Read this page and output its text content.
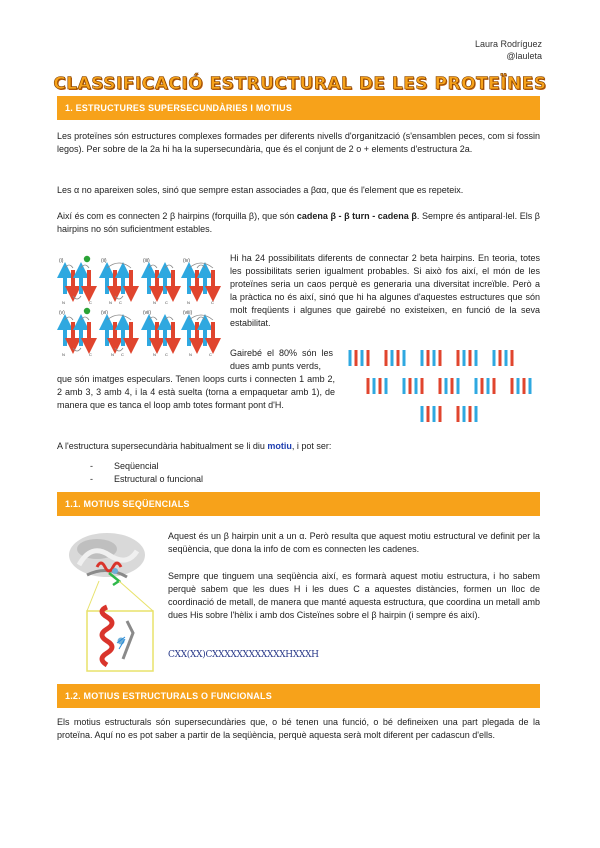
Laura Rodríguez
@lauleta
CLASSIFICACIÓ ESTRUCTURAL DE LES PROTEÏNES
1. ESTRUCTURES SUPERSECUNDÀRIES I MOTIUS
Les proteïnes són estructures complexes formades per diferents nivells d'organització (s'ensamblen peces, com si fossin legos). Per sobre de la 2a hi ha la supersecundària, que és el conjunt de 2 o + elements d'estructura 2a.
Les α no apareixen soles, sinó que sempre estan associades a βαα, que és l'element que es repeteix.
Així és com es connecten 2 β hairpins (forquilla β), que són cadena β - β turn - cadena β. Sempre és antiparal·lel. Els β hairpins no són suficientment estables.
(i)
N	C
(ii)
N C
(iii)
N C
(iv)
N	C
(v)
N	C
(vi)
N C
(vii)
N C
(viii)
N	C
Hi ha 24 possibilitats diferents de connectar 2 beta hairpins. En teoria, totes les possibilitats serien igualment probables. Si això fos així, el món de les proteïnes seria un caos perquè es generaria una diversitat increïble. Però a la pràctica no és així, sinó que hi ha algunes d'aquestes estructures que són molt freqüents i algunes que gairebé no existeixen, en funció de la seva estabilitat.
Gairebé el 80% són les dues amb punts verds,
que són imatges especulars. Tenen loops curts i connecten 1 amb 2, 2 amb 3, 3 amb 4, i la 4 està suelta (torna a empaquetar amb 1), de manera que es tanca el loop amb totes formant pont d'H.
A l'estructura supersecundària habitualment se li diu motiu, i pot ser:
- Seqüencial
- Estructural o funcional
1.1. MOTIUS SEQÜENCIALS
Aquest és un β hairpin unit a un α. Però resulta que aquest motiu estructural ve definit per la seqüència, que dona la info de com es connecten les cadenes.
Sempre que tinguem una seqüència així, es formarà aquest motiu estructura, i ho sabem perquè sabem que les dues H i les dues C a aquestes distàncies, formen un lloc de coordinació de metall, de manera que manté aquesta estructura, que coordina un metall amb dues His sobre l'hèlix i amb dos Cisteïnes sobre el β hairpin (i sempre és així).
CXX(XX)CXXXXXXXXXXXXHXXXH
1.2. MOTIUS ESTRUCTURALS O FUNCIONALS
Els motius estructurals són supersecundàries que, o bé tenen una funció, o bé defineixen una part plegada de la proteïna. Aquí no es pot saber a partir de la seqüència, perquè aquesta serà molt diferent per cadascun d'ells.
